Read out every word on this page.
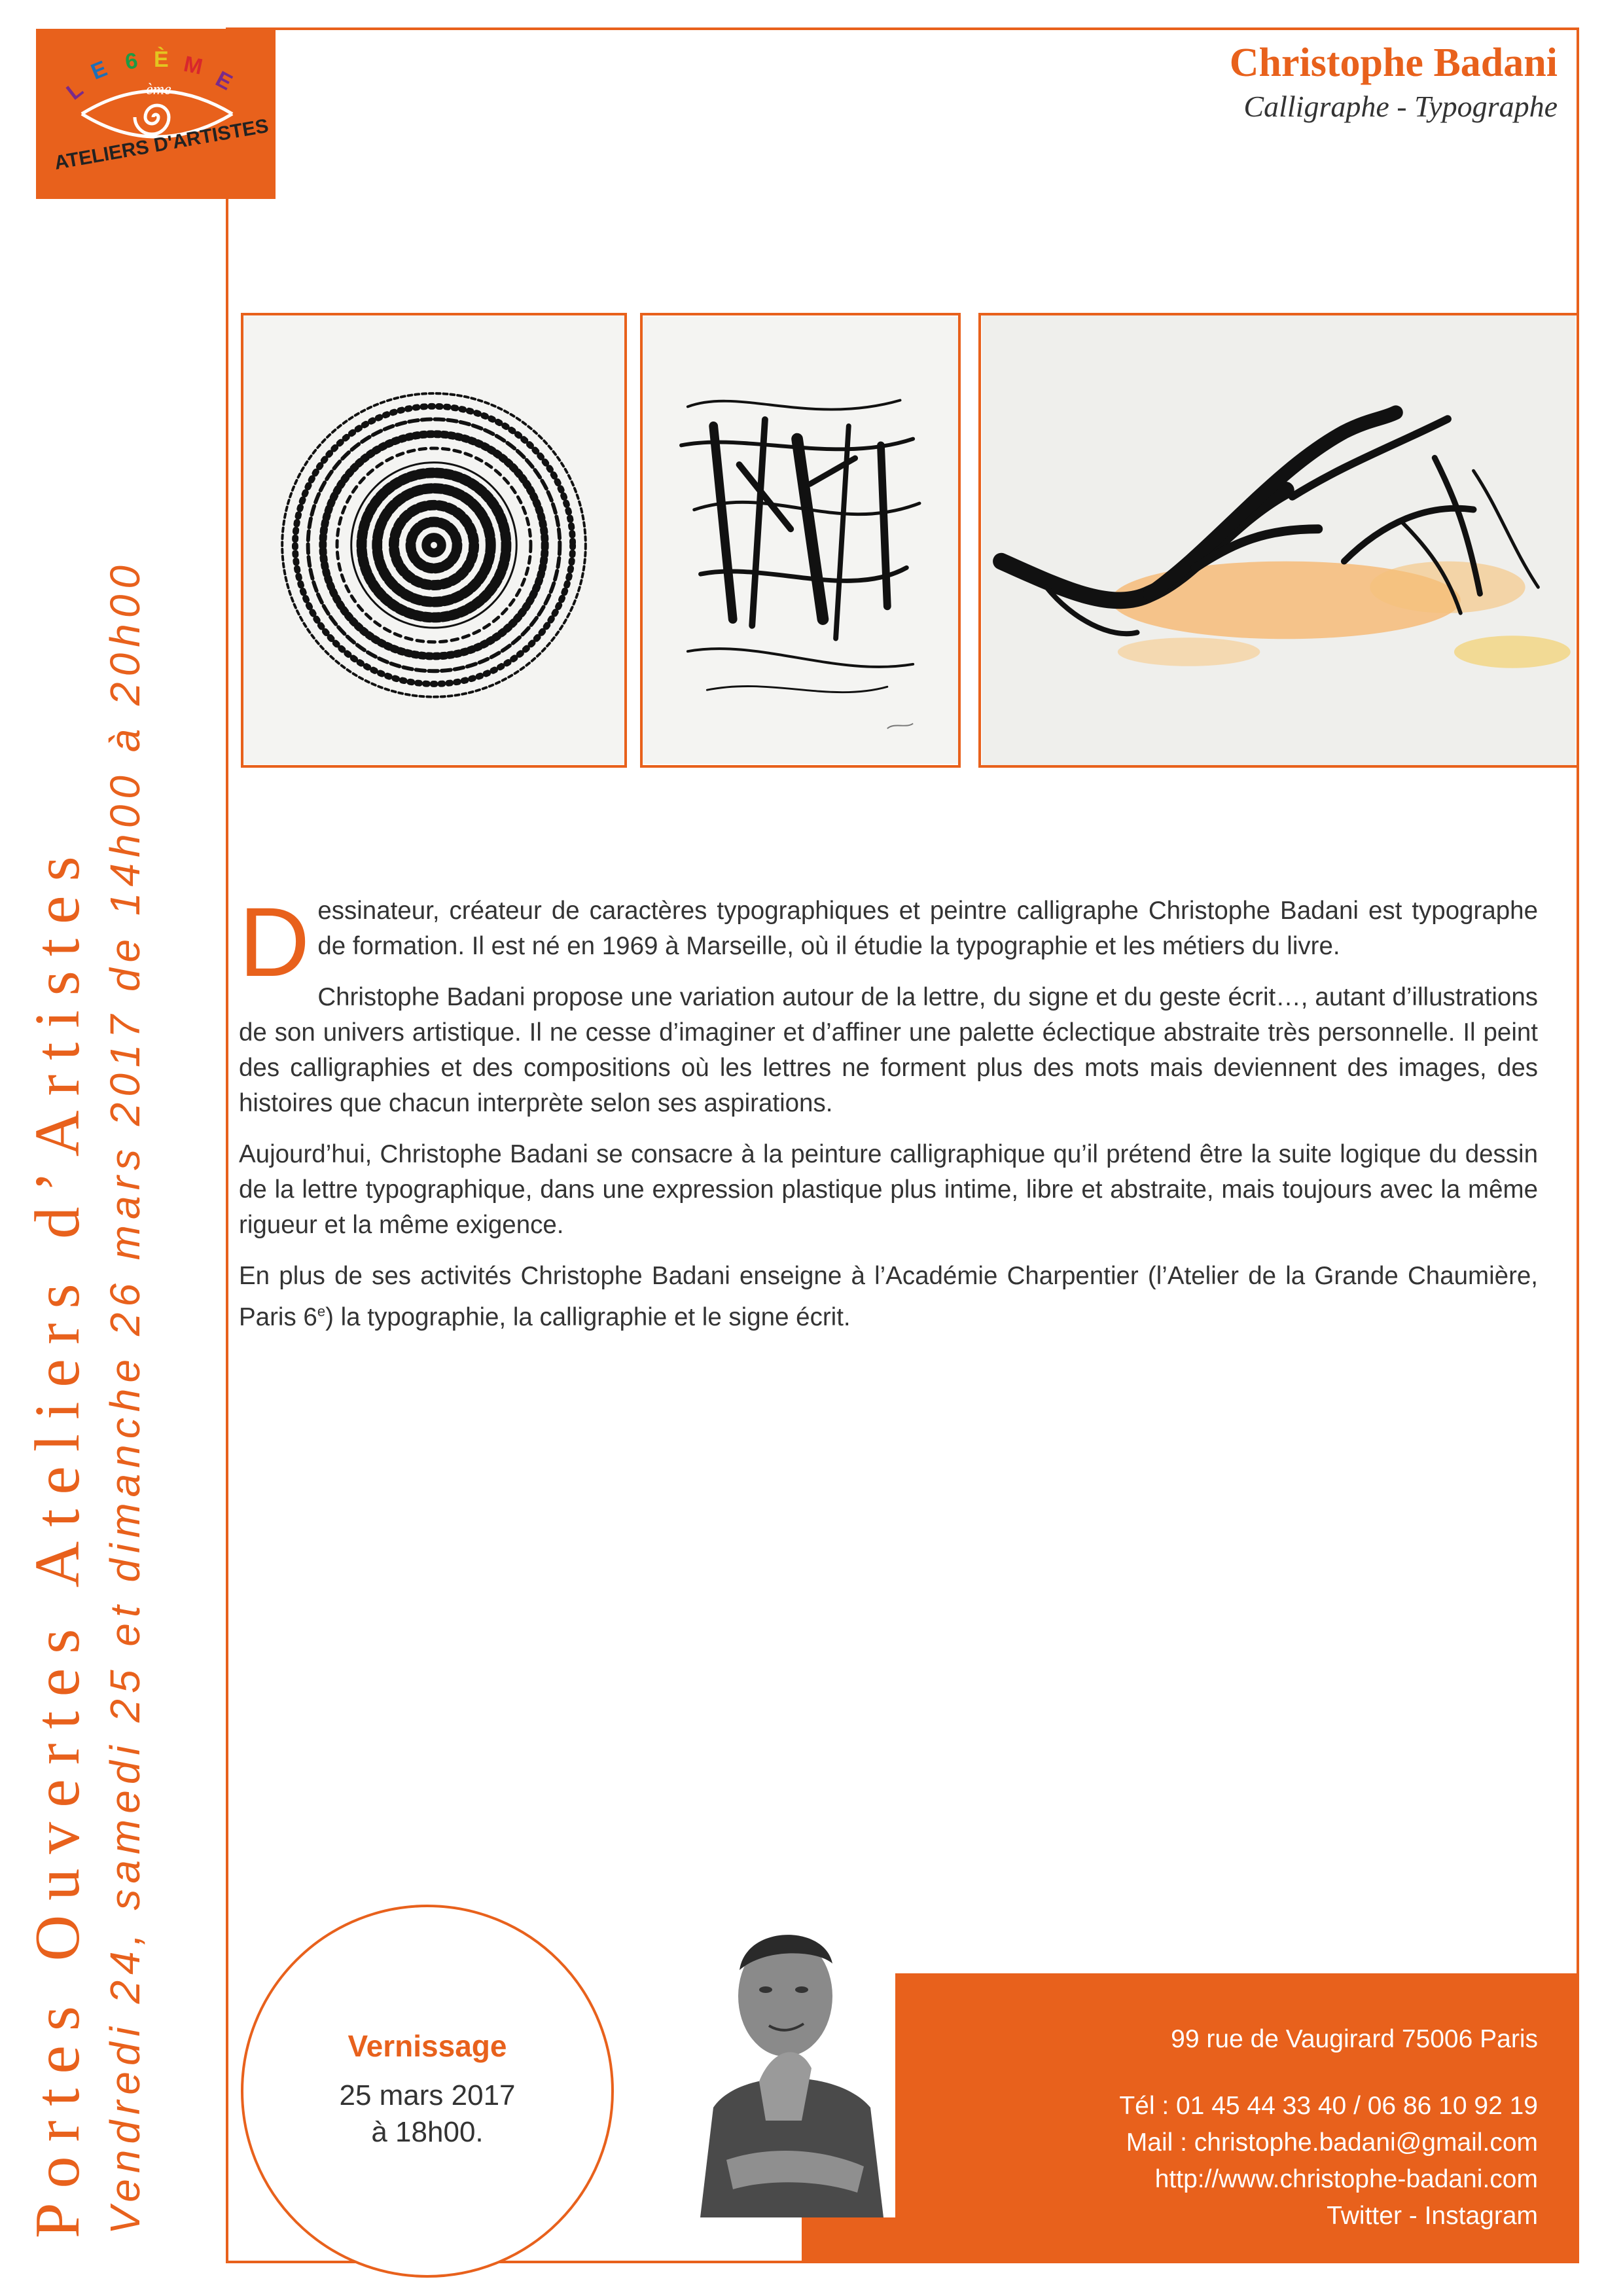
L
E 6 È M
E
ème
ATELIERS D'ARTISTES
Christophe Badani
Calligraphe - Typographe
Portes Ouvertes Ateliers d’Artistes Vendredi 24, samedi 25 et dimanche 26 mars 2017 de 14h00 à 20h00 Dessinateur, créateur de caractères typographiques et peintre calligraphe Christophe Badani est typographe de formation. Il est né en 1969 à Marseille, où il étudie la typographie et les métiers du livre.

Christophe Badani propose une variation autour de la lettre, du signe et du geste écrit…, autant d’illustrations de son univers artistique. Il ne cesse d’imaginer et d’affiner une palette éclectique abstraite très personnelle. Il peint des calligraphies et des compositions où les lettres ne forment plus des mots mais deviennent des images, des histoires que chacun interprète selon ses aspirations.

Aujourd’hui, Christophe Badani se consacre à la peinture calligraphique qu’il prétend être la suite logique du dessin de la lettre typographique, dans une expression plastique plus intime, libre et abstraite, mais toujours avec la même rigueur et la même exigence.

En plus de ses activités Christophe Badani enseigne à l’Académie Charpentier (l’Atelier de la Grande Chaumière, Paris 6e) la typographie, la calligraphie et le signe écrit.

Vernissage
25 mars 2017
à 18h00.
99 rue de Vaugirard 75006 Paris
Tél : 01 45 44 33 40 / 06 86 10 92 19
Mail : christophe.badani@gmail.com
http://www.christophe-badani.com
Twitter - Instagram
